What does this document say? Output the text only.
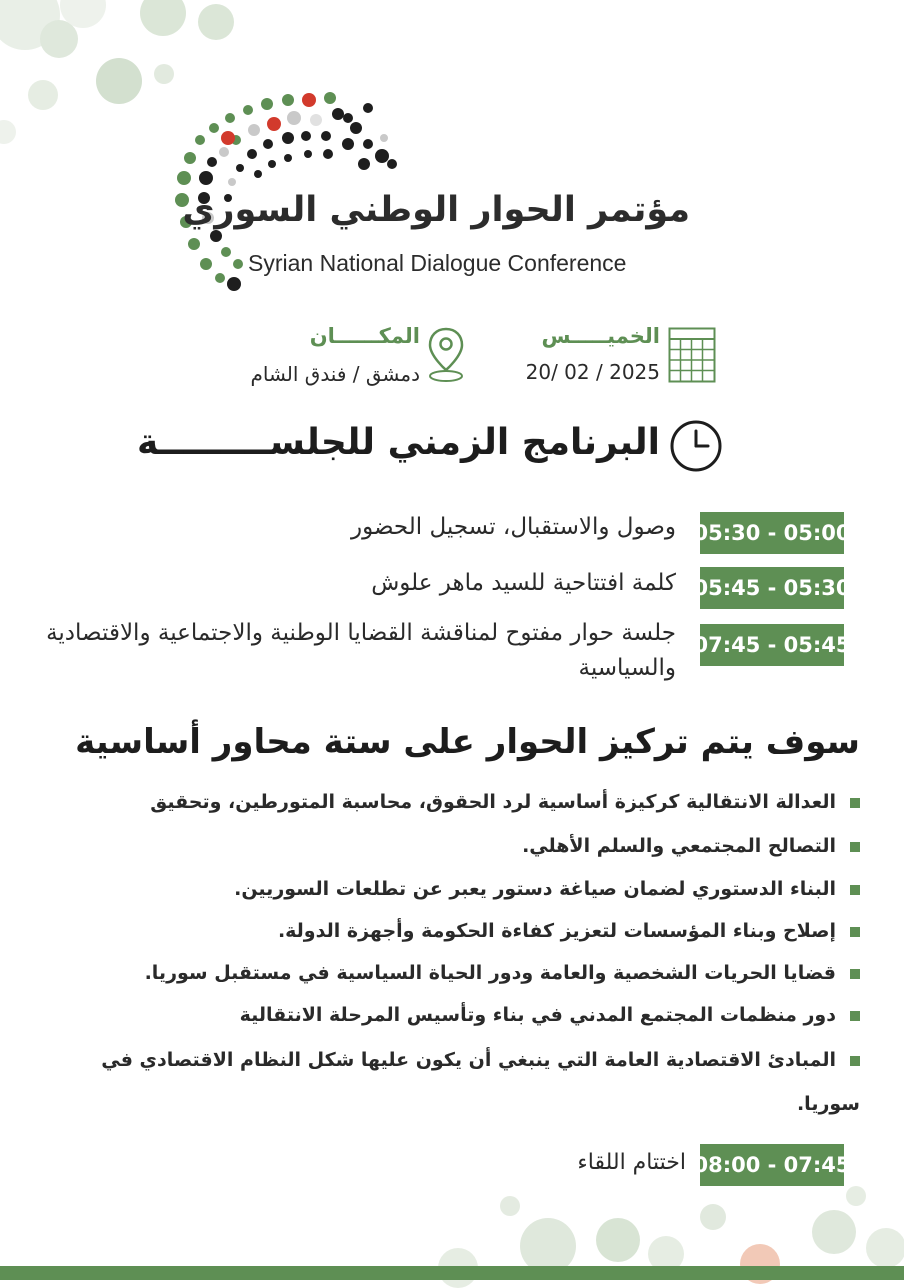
مؤتمر الحوار الوطني السوري
Syrian National Dialogue Conference
الخميـــــس
20/ 02 / 2025
المكــــــان
دمشق / فندق الشام
البرنامج الزمني للجلســـــــــة
05:30 - 05:00
وصول والاستقبال، تسجيل الحضور
05:45 - 05:30
كلمة افتتاحية للسيد ماهر علوش
07:45 - 05:45
جلسة حوار مفتوح لمناقشة القضايا الوطنية والاجتماعية والاقتصادية والسياسية
سوف يتم تركيز الحوار على ستة محاور أساسية
العدالة الانتقالية كركيزة أساسية لرد الحقوق، محاسبة المتورطين، وتحقيق
التصالح المجتمعي والسلم الأهلي.
البناء الدستوري لضمان صياغة دستور يعبر عن تطلعات السوريين.
إصلاح وبناء المؤسسات لتعزيز كفاءة الحكومة وأجهزة الدولة.
قضايا الحريات الشخصية والعامة ودور الحياة السياسية في مستقبل سوريا.
دور منظمات المجتمع المدني في بناء وتأسيس المرحلة الانتقالية
المبادئ الاقتصادية العامة التي ينبغي أن يكون عليها شكل النظام الاقتصادي في سوريا.
08:00 - 07:45
اختتام اللقاء
